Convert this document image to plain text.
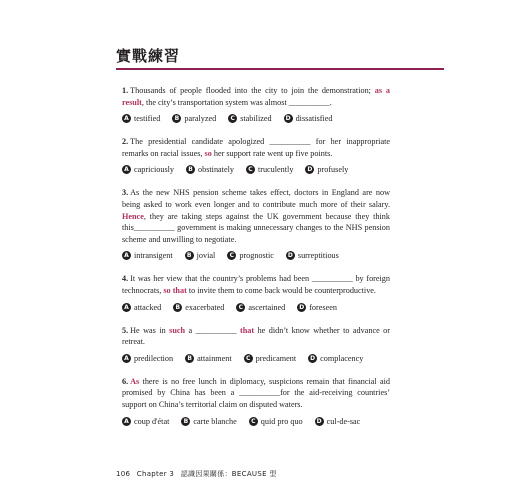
實戰練習
1. Thousands of people flooded into the city to join the demonstration; as a result, the city’s transportation system was almost __________.
A testified	B paralyzed	C stabilized	D dissatisfied
2. The presidential candidate apologized __________ for her inappropriate remarks on racial issues, so her support rate went up five points.
A capriciously	B obstinately	C truculently	D profusely
3. As the new NHS pension scheme takes effect, doctors in England are now being asked to work even longer and to contribute much more of their salary. Hence, they are taking steps against the UK government because they think this__________ government is making unnecessary changes to the NHS pension scheme and unwilling to negotiate.
A intransigent	B jovial	C prognostic	D surreptitious
4. It was her view that the country’s problems had been __________ by foreign technocrats, so that to invite them to come back would be counterproductive.
A attacked	B exacerbated	C ascertained	D foreseen
5. He was in such a __________ that he didn’t know whether to advance or retreat.
A predilection	B attainment	C predicament	D complacency
6. As there is no free lunch in diplomacy, suspicions remain that financial aid promised by China has been a __________for the aid-receiving countries’ support on China’s territorial claim on disputed waters.
A coup d'état	B carte blanche	C quid pro quo	D cul-de-sac
106 Chapter 3 認識因果關係：BECAUSE 型
